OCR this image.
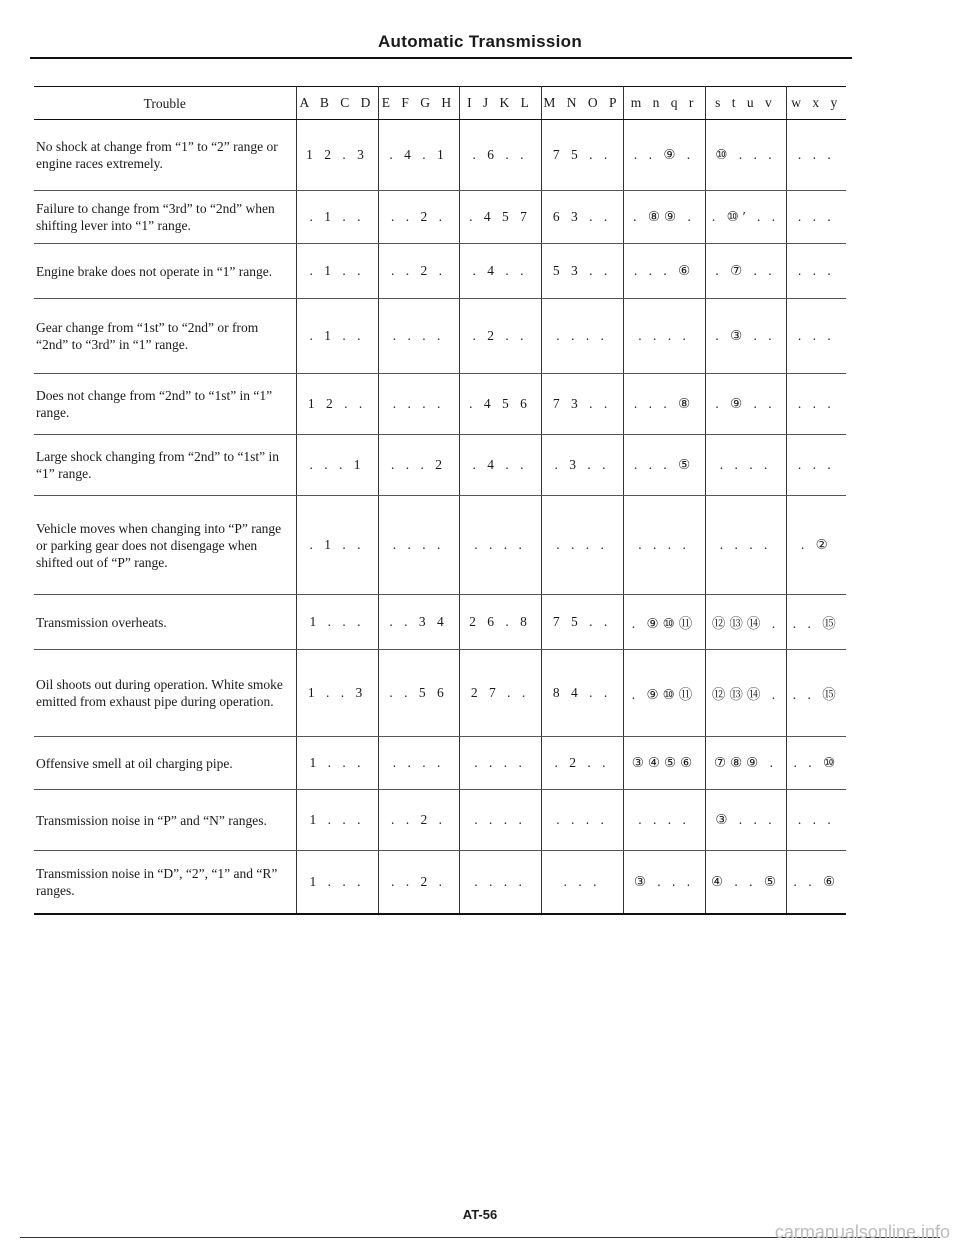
Automatic Transmission
Trouble	A B C D	E F G H	I J K L	M N O P	m n q r	s t u v	w x y
No shock at change from “1” to “2” range or engine races extremely.	1 2 . 3	. 4 . 1	. 6 . .	7 5 . .	. . ⑨ .	⑩ . . .	. . .
Failure to change from “3rd” to “2nd” when shifting lever into “1” range.	. 1 . .	. . 2 .	. 4 5 7	6 3 . .	. ⑧⑨ .	. ⑩′ . .	. . .
Engine brake does not operate in “1” range.	. 1 . .	. . 2 .	. 4 . .	5 3 . .	. . . ⑥	. ⑦ . .	. . .
Gear change from “1st” to “2nd” or from “2nd” to “3rd” in “1” range.	. 1 . .	. . . .	. 2 . .	. . . .	. . . .	. ③ . .	. . .
Does not change from “2nd” to “1st” in “1” range.	1 2 . .	. . . .	. 4 5 6	7 3 . .	. . . ⑧	. ⑨ . .	. . .
Large shock changing from “2nd” to “1st” in “1” range.	. . . 1	. . . 2	. 4 . .	. 3 . .	. . . ⑤	. . . .	. . .
Vehicle moves when changing into “P” range or parking gear does not disengage when shifted out of “P” range.	. 1 . .	. . . .	. . . .	. . . .	. . . .	. . . .	. ②
Transmission overheats.	1 . . .	. . 3 4	2 6 . 8	7 5 . .	. ⑨⑩⑪	⑫⑬⑭ .	. . ⑮
Oil shoots out during operation. White smoke emitted from exhaust pipe during operation.	1 . . 3	. . 5 6	2 7 . .	8 4 . .	. ⑨⑩⑪	⑫⑬⑭ .	. . ⑮
Offensive smell at oil charging pipe.	1 . . .	. . . .	. . . .	. 2 . .	③④⑤⑥	⑦⑧⑨ .	. . ⑩
Transmission noise in “P” and “N” ranges.	1 . . .	. . 2 .	. . . .	. . . .	. . . .	③ . . .	. . .
Transmission noise in “D”, “2”, “1” and “R” ranges.	1 . . .	. . 2 .	. . . .	. . .	③ . . .	④ . . ⑤	. . ⑥
AT-56
carmanualsonline.info
